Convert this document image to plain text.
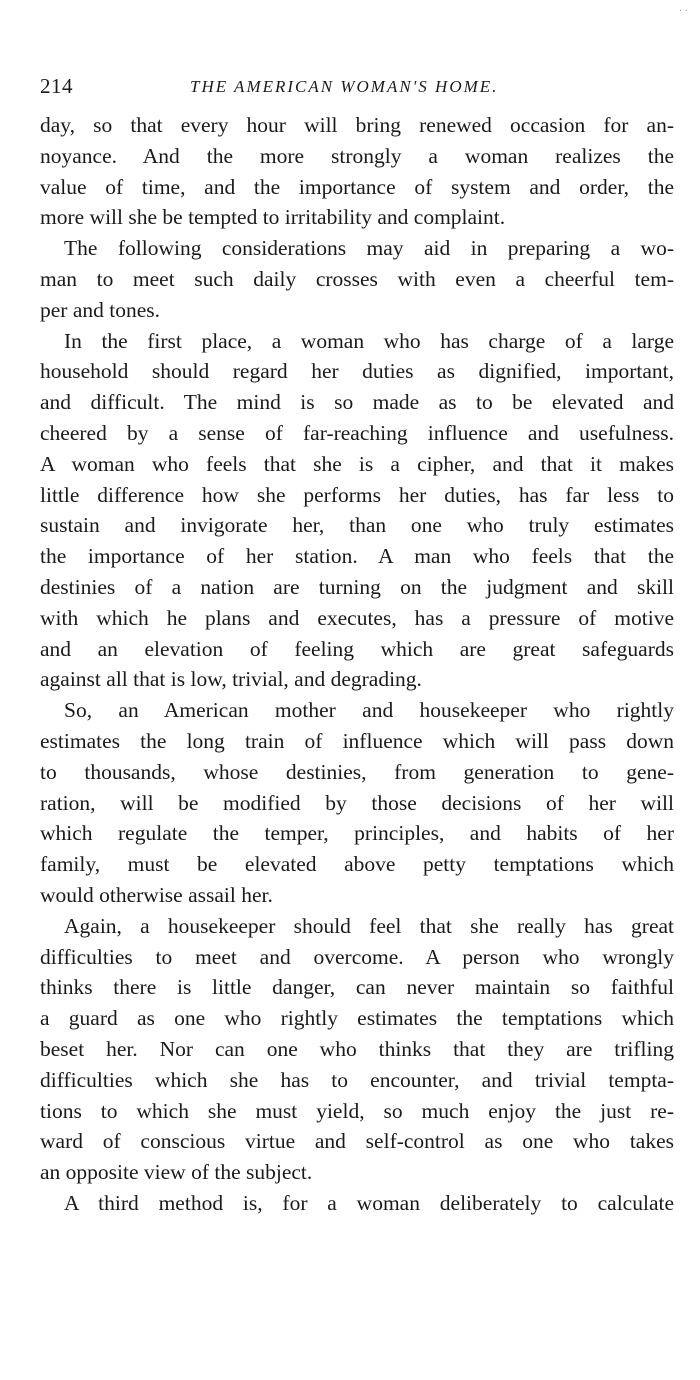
· ·
214	THE AMERICAN WOMAN'S HOME.
day, so that every hour will bring renewed occasion for an-
noyance. And the more strongly a woman realizes the
value of time, and the importance of system and order, the
more will she be tempted to irritability and complaint.
The following considerations may aid in preparing a wo-
man to meet such daily crosses with even a cheerful tem-
per and tones.
In the first place, a woman who has charge of a large
household should regard her duties as dignified, important,
and difficult. The mind is so made as to be elevated and
cheered by a sense of far-reaching influence and usefulness.
A woman who feels that she is a cipher, and that it makes
little difference how she performs her duties, has far less to
sustain and invigorate her, than one who truly estimates
the importance of her station. A man who feels that the
destinies of a nation are turning on the judgment and skill
with which he plans and executes, has a pressure of motive
and an elevation of feeling which are great safeguards
against all that is low, trivial, and degrading.
So, an American mother and housekeeper who rightly
estimates the long train of influence which will pass down
to thousands, whose destinies, from generation to gene-
ration, will be modified by those decisions of her will
which regulate the temper, principles, and habits of her
family, must be elevated above petty temptations which
would otherwise assail her.
Again, a housekeeper should feel that she really has great
difficulties to meet and overcome. A person who wrongly
thinks there is little danger, can never maintain so faithful
a guard as one who rightly estimates the temptations which
beset her. Nor can one who thinks that they are trifling
difficulties which she has to encounter, and trivial tempta-
tions to which she must yield, so much enjoy the just re-
ward of conscious virtue and self-control as one who takes
an opposite view of the subject.
A third method is, for a woman deliberately to calculate
